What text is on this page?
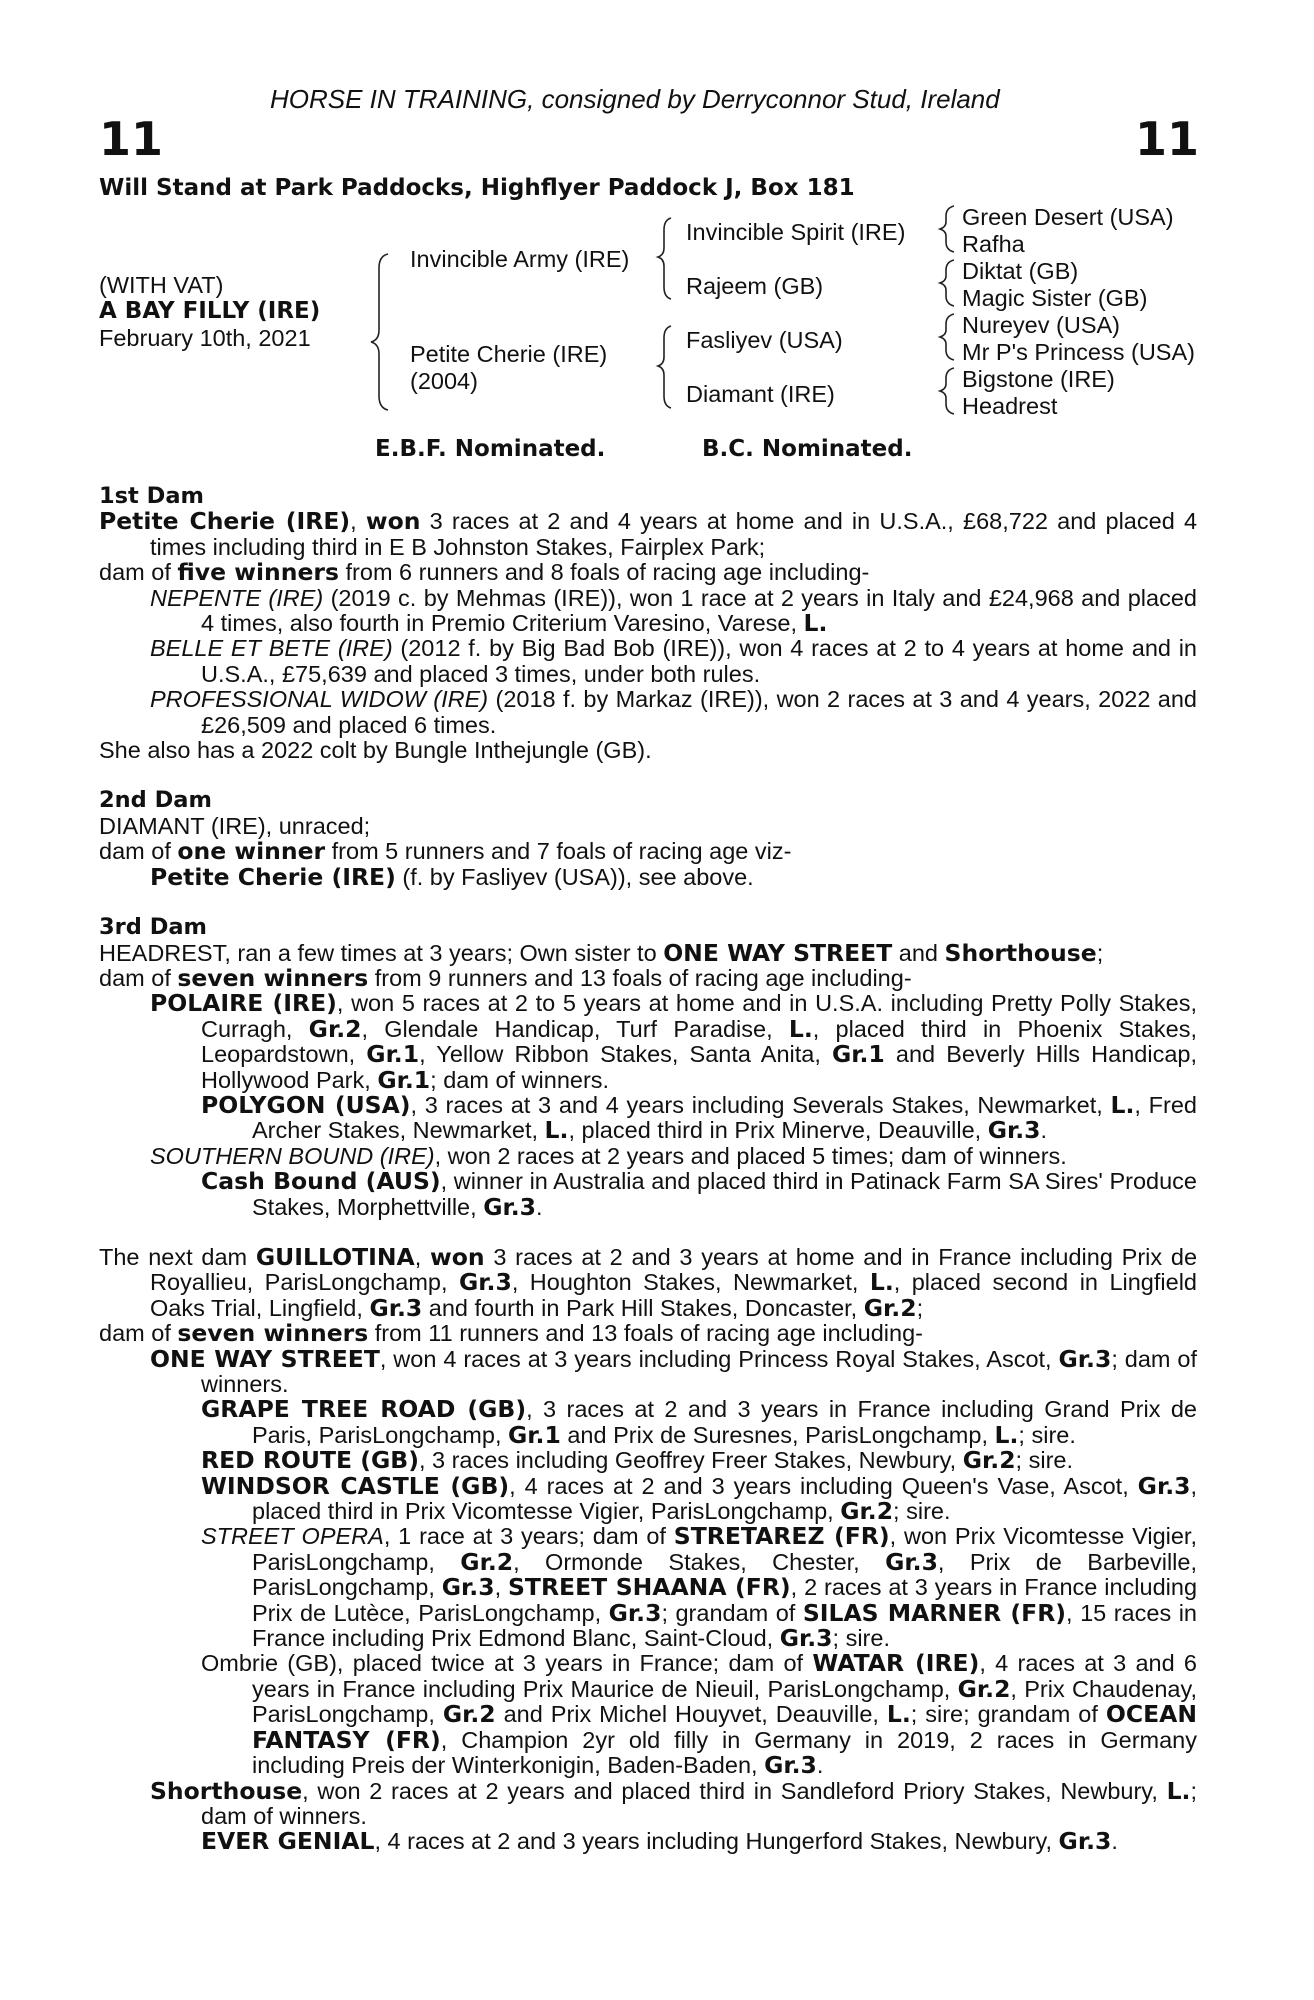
11	11
HORSE IN TRAINING, consigned by Derryconnor Stud, Ireland
Will Stand at Park Paddocks, Highflyer Paddock J, Box 181
(WITH VAT)
A BAY FILLY (IRE)
February 10th, 2021
Invincible Army (IRE)
Petite Cherie (IRE)
(2004)
Invincible Spirit (IRE)
Rajeem (GB)
Fasliyev (USA)
Diamant (IRE)
Green Desert (USA)
Rafha
Diktat (GB)
Magic Sister (GB)
Nureyev (USA)
Mr P's Princess (USA)
Bigstone (IRE)
Headrest
E.B.F. Nominated.	B.C. Nominated.

1st Dam

Petite Cherie (IRE), won 3 races at 2 and 4 years at home and in U.S.A., £68,722 and placed 4 times including third in E B Johnston Stakes, Fairplex Park;

dam of five winners from 6 runners and 8 foals of racing age including-

NEPENTE (IRE) (2019 c. by Mehmas (IRE)), won 1 race at 2 years in Italy and £24,968 and placed 4 times, also fourth in Premio Criterium Varesino, Varese, L.

BELLE ET BETE (IRE) (2012 f. by Big Bad Bob (IRE)), won 4 races at 2 to 4 years at home and in U.S.A., £75,639 and placed 3 times, under both rules.

PROFESSIONAL WIDOW (IRE) (2018 f. by Markaz (IRE)), won 2 races at 3 and 4 years, 2022 and £26,509 and placed 6 times.

She also has a 2022 colt by Bungle Inthejungle (GB).

2nd Dam

DIAMANT (IRE), unraced;

dam of one winner from 5 runners and 7 foals of racing age viz-

Petite Cherie (IRE) (f. by Fasliyev (USA)), see above.

3rd Dam

HEADREST, ran a few times at 3 years; Own sister to ONE WAY STREET and Shorthouse;

dam of seven winners from 9 runners and 13 foals of racing age including-

POLAIRE (IRE), won 5 races at 2 to 5 years at home and in U.S.A. including Pretty Polly Stakes, Curragh, Gr.2, Glendale Handicap, Turf Paradise, L., placed third in Phoenix Stakes, Leopardstown, Gr.1, Yellow Ribbon Stakes, Santa Anita, Gr.1 and Beverly Hills Handicap, Hollywood Park, Gr.1; dam of winners.

POLYGON (USA), 3 races at 3 and 4 years including Severals Stakes, Newmarket, L., Fred Archer Stakes, Newmarket, L., placed third in Prix Minerve, Deauville, Gr.3.

SOUTHERN BOUND (IRE), won 2 races at 2 years and placed 5 times; dam of winners.

Cash Bound (AUS), winner in Australia and placed third in Patinack Farm SA Sires' Produce Stakes, Morphettville, Gr.3.

The next dam GUILLOTINA, won 3 races at 2 and 3 years at home and in France including Prix de Royallieu, ParisLongchamp, Gr.3, Houghton Stakes, Newmarket, L., placed second in Lingfield Oaks Trial, Lingfield, Gr.3 and fourth in Park Hill Stakes, Doncaster, Gr.2;

dam of seven winners from 11 runners and 13 foals of racing age including-

ONE WAY STREET, won 4 races at 3 years including Princess Royal Stakes, Ascot, Gr.3; dam of winners.

GRAPE TREE ROAD (GB), 3 races at 2 and 3 years in France including Grand Prix de Paris, ParisLongchamp, Gr.1 and Prix de Suresnes, ParisLongchamp, L.; sire.

RED ROUTE (GB), 3 races including Geoffrey Freer Stakes, Newbury, Gr.2; sire.

WINDSOR CASTLE (GB), 4 races at 2 and 3 years including Queen's Vase, Ascot, Gr.3, placed third in Prix Vicomtesse Vigier, ParisLongchamp, Gr.2; sire.

STREET OPERA, 1 race at 3 years; dam of STRETAREZ (FR), won Prix Vicomtesse Vigier, ParisLongchamp, Gr.2, Ormonde Stakes, Chester, Gr.3, Prix de Barbeville, ParisLongchamp, Gr.3, STREET SHAANA (FR), 2 races at 3 years in France including Prix de Lutèce, ParisLongchamp, Gr.3; grandam of SILAS MARNER (FR), 15 races in France including Prix Edmond Blanc, Saint-Cloud, Gr.3; sire.

Ombrie (GB), placed twice at 3 years in France; dam of WATAR (IRE), 4 races at 3 and 6 years in France including Prix Maurice de Nieuil, ParisLongchamp, Gr.2, Prix Chaudenay, ParisLongchamp, Gr.2 and Prix Michel Houyvet, Deauville, L.; sire; grandam of OCEAN FANTASY (FR), Champion 2yr old filly in Germany in 2019, 2 races in Germany including Preis der Winterkonigin, Baden-Baden, Gr.3.

Shorthouse, won 2 races at 2 years and placed third in Sandleford Priory Stakes, Newbury, L.; dam of winners.

EVER GENIAL, 4 races at 2 and 3 years including Hungerford Stakes, Newbury, Gr.3.
